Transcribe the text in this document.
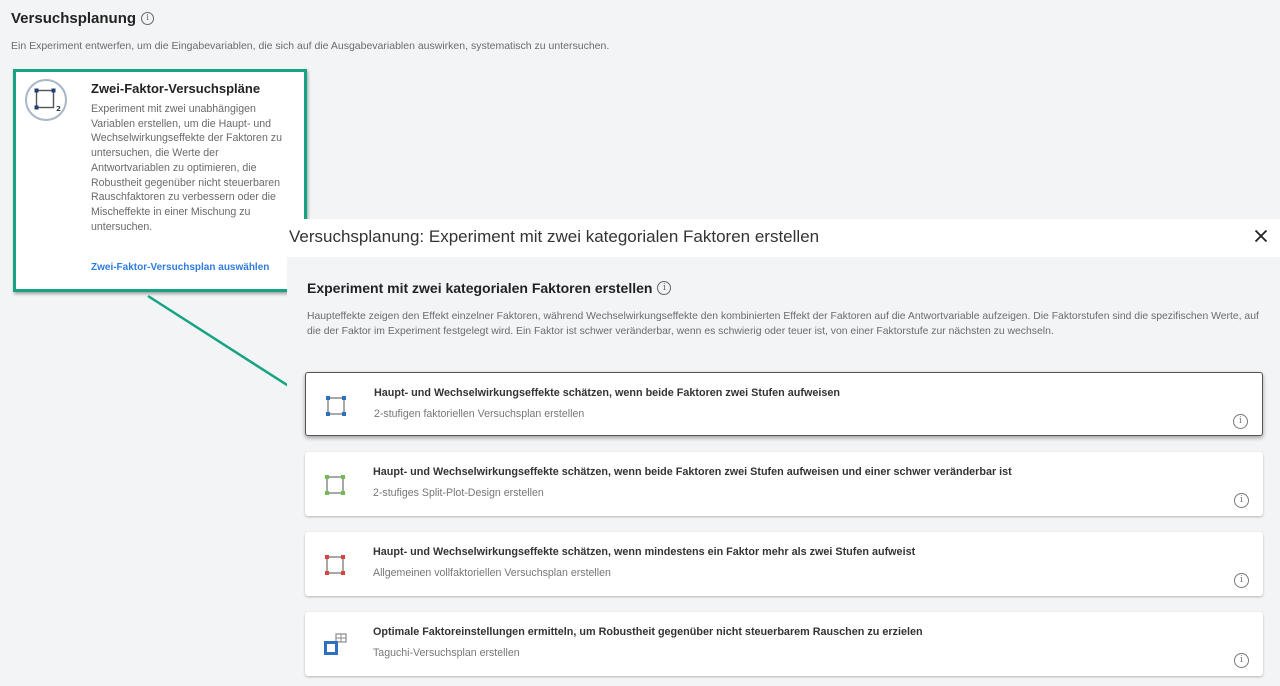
Versuchsplanung	i
Ein Experiment entwerfen, um die Eingabevariablen, die sich auf die Ausgabevariablen auswirken, systematisch zu untersuchen.
2
Zwei-Faktor-Versuchspläne
Experiment mit zwei unabhängigen Variablen erstellen, um die Haupt- und Wechselwirkungseffekte der Faktoren zu untersuchen, die Werte der Antwortvariablen zu optimieren, die Robustheit gegenüber nicht steuerbaren Rauschfaktoren zu verbessern oder die Mischeffekte in einer Mischung zu untersuchen.
Zwei-Faktor-Versuchsplan auswählen
Versuchsplanung: Experiment mit zwei kategorialen Faktoren erstellen
Experiment mit zwei kategorialen Faktoren erstellen	i
Haupteffekte zeigen den Effekt einzelner Faktoren, während Wechselwirkungseffekte den kombinierten Effekt der Faktoren auf die Antwortvariable aufzeigen. Die Faktorstufen sind die spezifischen Werte, auf die der Faktor im Experiment festgelegt wird. Ein Faktor ist schwer veränderbar, wenn es schwierig oder teuer ist, von einer Faktorstufe zur nächsten zu wechseln.
Haupt- und Wechselwirkungseffekte schätzen, wenn beide Faktoren zwei Stufen aufweisen
2-stufigen faktoriellen Versuchsplan erstellen
i
Haupt- und Wechselwirkungseffekte schätzen, wenn beide Faktoren zwei Stufen aufweisen und einer schwer veränderbar ist
2-stufiges Split-Plot-Design erstellen
i
Haupt- und Wechselwirkungseffekte schätzen, wenn mindestens ein Faktor mehr als zwei Stufen aufweist
Allgemeinen vollfaktoriellen Versuchsplan erstellen
i
Optimale Faktoreinstellungen ermitteln, um Robustheit gegenüber nicht steuerbarem Rauschen zu erzielen
Taguchi-Versuchsplan erstellen
i
